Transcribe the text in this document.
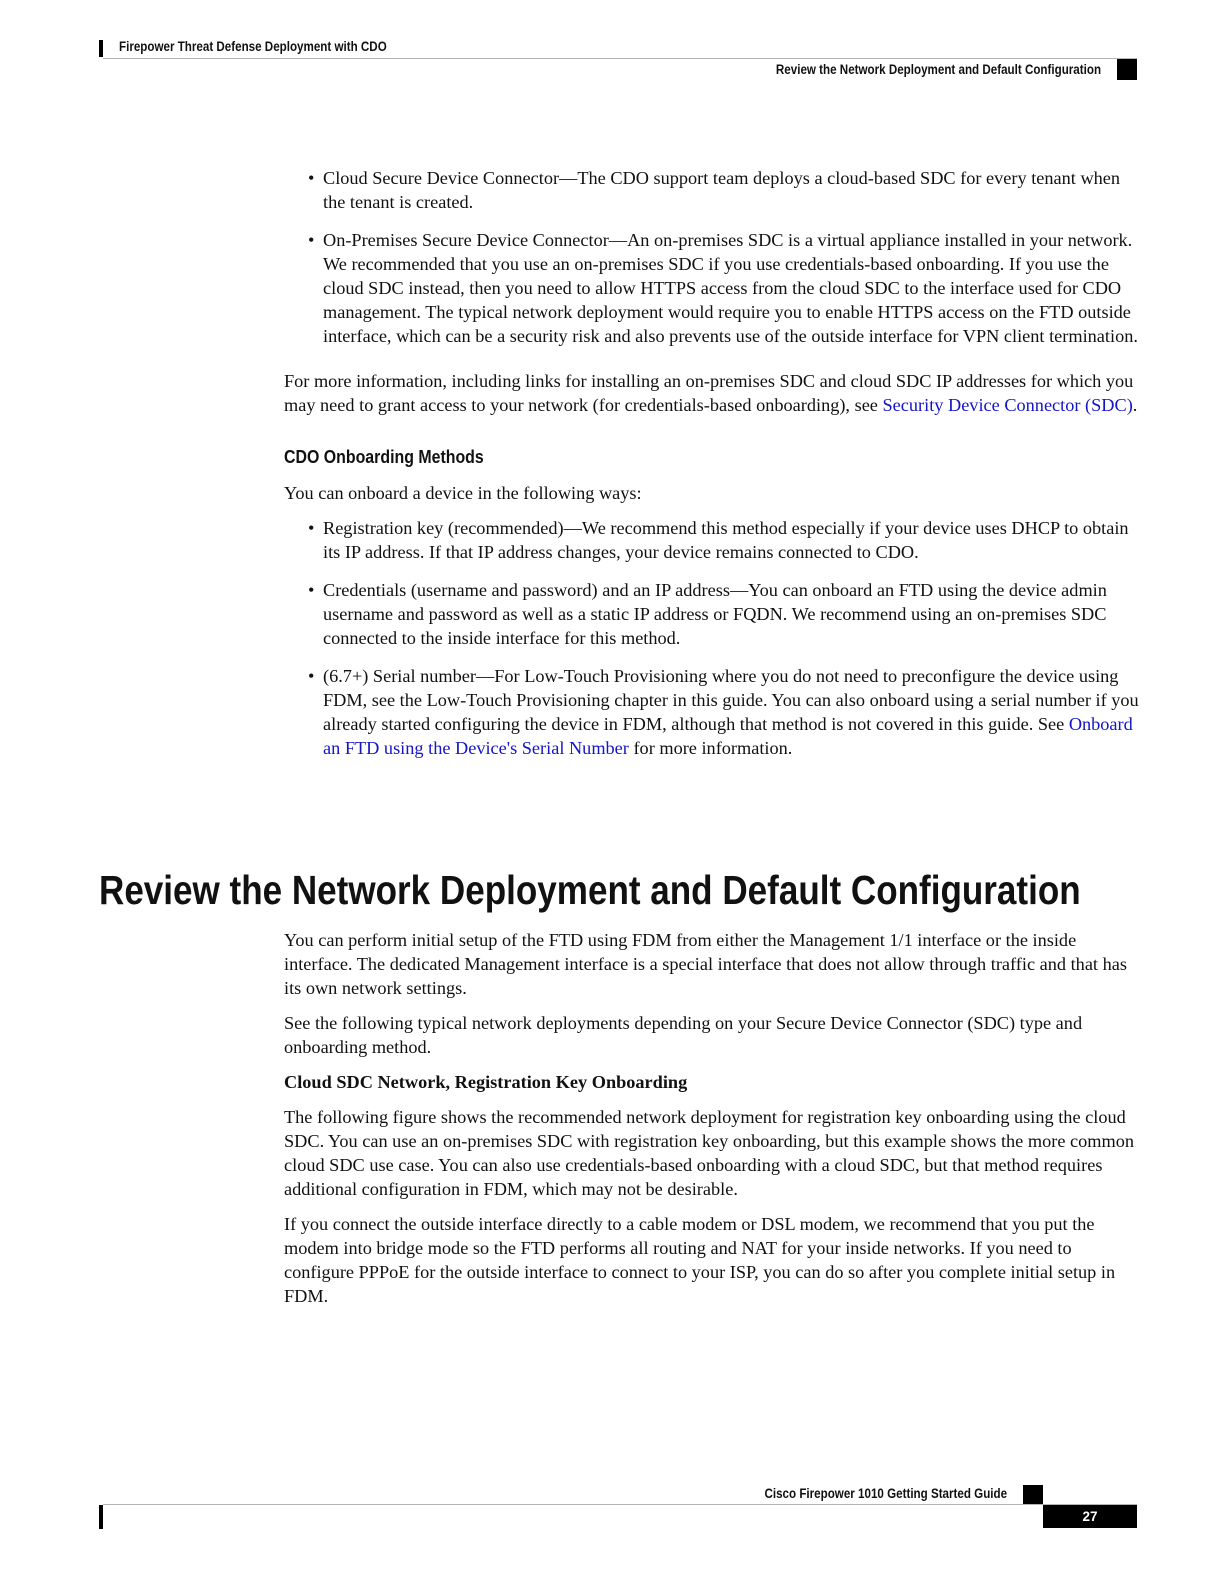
Firepower Threat Defense Deployment with CDO
Review the Network Deployment and Default Configuration
• Cloud Secure Device Connector—The CDO support team deploys a cloud-based SDC for every tenant when the tenant is created.
• On-Premises Secure Device Connector—An on-premises SDC is a virtual appliance installed in your network. We recommended that you use an on-premises SDC if you use credentials-based onboarding. If you use the cloud SDC instead, then you need to allow HTTPS access from the cloud SDC to the interface used for CDO management. The typical network deployment would require you to enable HTTPS access on the FTD outside interface, which can be a security risk and also prevents use of the outside interface for VPN client termination.

For more information, including links for installing an on-premises SDC and cloud SDC IP addresses for which you may need to grant access to your network (for credentials-based onboarding), see Security Device Connector (SDC).

CDO Onboarding Methods

You can onboard a device in the following ways:

• Registration key (recommended)—We recommend this method especially if your device uses DHCP to obtain its IP address. If that IP address changes, your device remains connected to CDO.
• Credentials (username and password) and an IP address—You can onboard an FTD using the device admin username and password as well as a static IP address or FQDN. We recommend using an on-premises SDC connected to the inside interface for this method.
• (6.7+) Serial number—For Low-Touch Provisioning where you do not need to preconfigure the device using FDM, see the Low-Touch Provisioning chapter in this guide. You can also onboard using a serial number if you already started configuring the device in FDM, although that method is not covered in this guide. See Onboard an FTD using the Device's Serial Number for more information.
Review the Network Deployment and Default Configuration

You can perform initial setup of the FTD using FDM from either the Management 1/1 interface or the inside interface. The dedicated Management interface is a special interface that does not allow through traffic and that has its own network settings.

See the following typical network deployments depending on your Secure Device Connector (SDC) type and onboarding method.

Cloud SDC Network, Registration Key Onboarding

The following figure shows the recommended network deployment for registration key onboarding using the cloud SDC. You can use an on-premises SDC with registration key onboarding, but this example shows the more common cloud SDC use case. You can also use credentials-based onboarding with a cloud SDC, but that method requires additional configuration in FDM, which may not be desirable.

If you connect the outside interface directly to a cable modem or DSL modem, we recommend that you put the modem into bridge mode so the FTD performs all routing and NAT for your inside networks. If you need to configure PPPoE for the outside interface to connect to your ISP, you can do so after you complete initial setup in FDM.

Cisco Firepower 1010 Getting Started Guide
27
